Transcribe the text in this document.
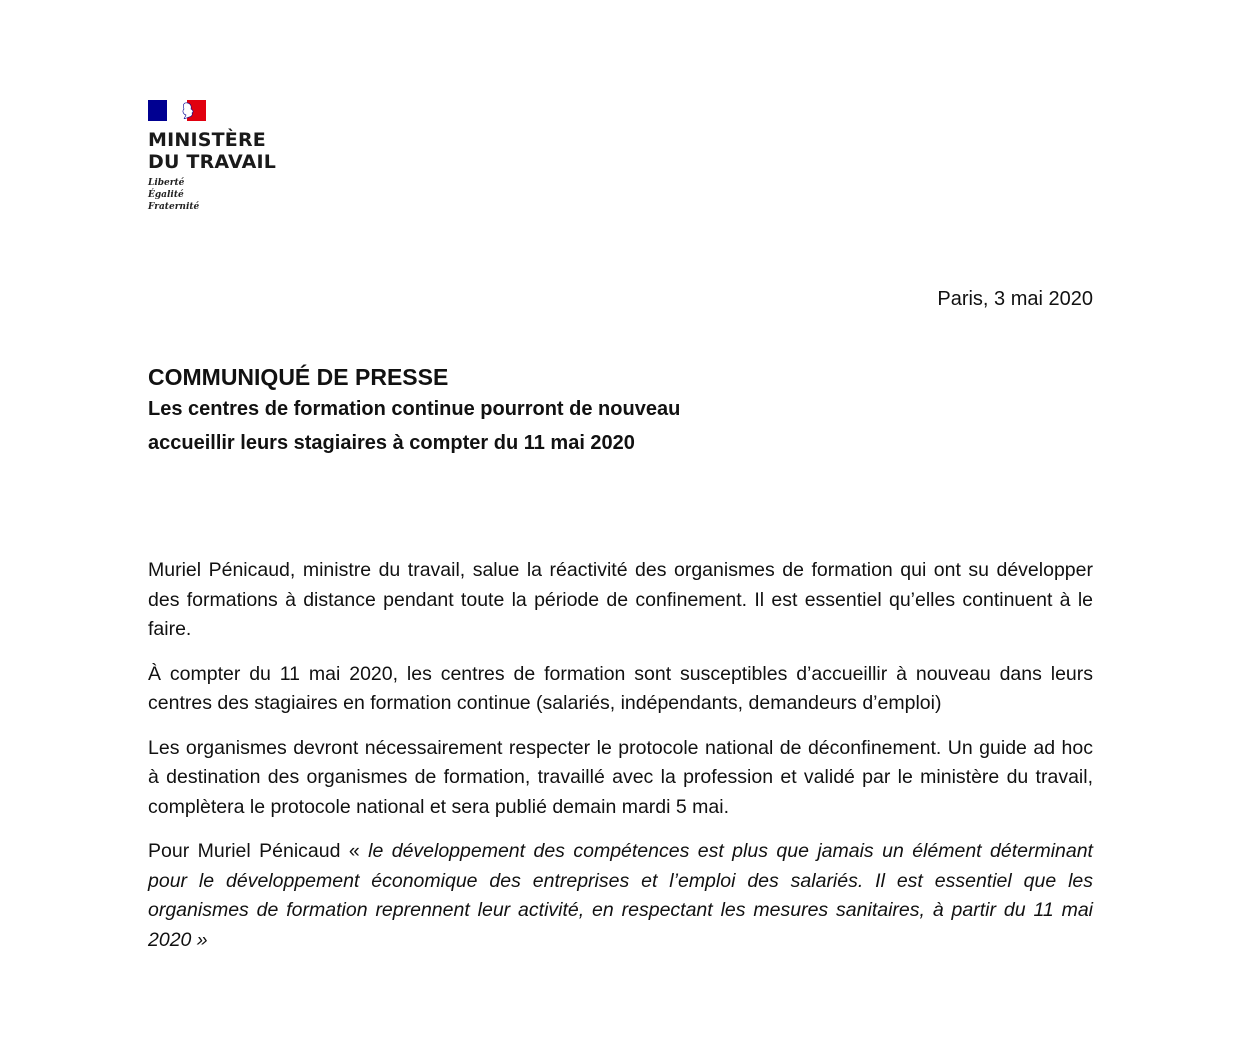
MINISTÈRE
DU TRAVAIL
Liberté
Égalité
Fraternité
Paris, 3 mai 2020
COMMUNIQUÉ DE PRESSE
Les centres de formation continue pourront de nouveau
accueillir leurs stagiaires à compter du 11 mai 2020

Muriel Pénicaud, ministre du travail, salue la réactivité des organismes de formation qui ont su développer des formations à distance pendant toute la période de confinement. Il est essentiel qu’elles continuent à le faire.

À compter du 11 mai 2020, les centres de formation sont susceptibles d’accueillir à nouveau dans leurs centres des stagiaires en formation continue (salariés, indépendants, demandeurs d’emploi)

Les organismes devront nécessairement respecter le protocole national de déconfinement. Un guide ad hoc à destination des organismes de formation, travaillé avec la profession et validé par le ministère du travail, complètera le protocole national et sera publié demain mardi 5 mai.

Pour Muriel Pénicaud « le développement des compétences est plus que jamais un élément déterminant pour le développement économique des entreprises et l’emploi des salariés. Il est essentiel que les organismes de formation reprennent leur activité, en respectant les mesures sanitaires, à partir du 11 mai 2020 »
